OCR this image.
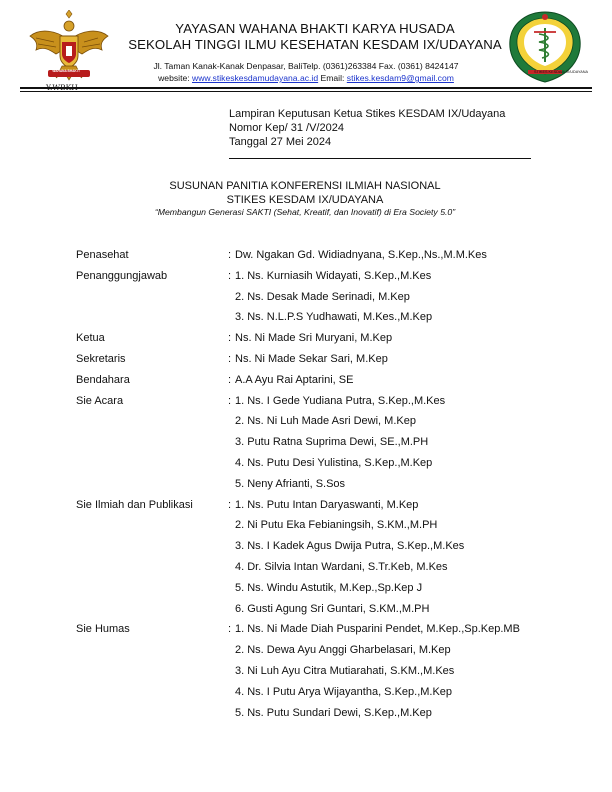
WAHANA BHAKTI
Y.WBKH
YAYASAN WAHANA BHAKTI KARYA HUSADA
SEKOLAH TINGGI ILMU KESEHATAN KESDAM IX/UDAYANA
Jl. Taman Kanak-Kanak Denpasar, BaliTelp. (0361)263384 Fax. (0361) 8424147
website: www.stikeskesdamudayana.ac.id Email: stikes.kesdam9@gmail.com
STIKES KESDAM IX/UDAYANA
Lampiran Keputusan Ketua Stikes KESDAM IX/Udayana
Nomor Kep/ 31 /V/2024
Tanggal 27 Mei 2024
SUSUNAN PANITIA KONFERENSI ILMIAH NASIONAL
STIKES KESDAM IX/UDAYANA
“Membangun Generasi SAKTI (Sehat, Kreatif, dan Inovatif) di Era Society 5.0”
Penasehat	: Dw. Ngakan Gd. Widiadnyana, S.Kep.,Ns.,M.M.Kes
Penanggungjawab	: 1. Ns. Kurniasih Widayati, S.Kep.,M.Kes
2. Ns. Desak Made Serinadi, M.Kep
3. Ns. N.L.P.S Yudhawati, M.Kes.,M.Kep
Ketua	: Ns. Ni Made Sri Muryani, M.Kep
Sekretaris	: Ns. Ni Made Sekar Sari, M.Kep
Bendahara	: A.A Ayu Rai Aptarini, SE
Sie Acara	: 1. Ns. I Gede Yudiana Putra, S.Kep.,M.Kes
2. Ns. Ni Luh Made Asri Dewi, M.Kep
3. Putu Ratna Suprima Dewi, SE.,M.PH
4. Ns. Putu Desi Yulistina, S.Kep.,M.Kep
5. Neny Afrianti, S.Sos
Sie Ilmiah dan Publikasi	: 1. Ns. Putu Intan Daryaswanti, M.Kep
2. Ni Putu Eka Febianingsih, S.KM.,M.PH
3. Ns. I Kadek Agus Dwija Putra, S.Kep.,M.Kes
4. Dr. Silvia Intan Wardani, S.Tr.Keb, M.Kes
5. Ns. Windu Astutik, M.Kep.,Sp.Kep J
6. Gusti Agung Sri Guntari, S.KM.,M.PH
Sie Humas	: 1. Ns. Ni Made Diah Pusparini Pendet, M.Kep.,Sp.Kep.MB
2. Ns. Dewa Ayu Anggi Gharbelasari, M.Kep
3. Ni Luh Ayu Citra Mutiarahati, S.KM.,M.Kes
4. Ns. I Putu Arya Wijayantha, S.Kep.,M.Kep
5. Ns. Putu Sundari Dewi, S.Kep.,M.Kep
